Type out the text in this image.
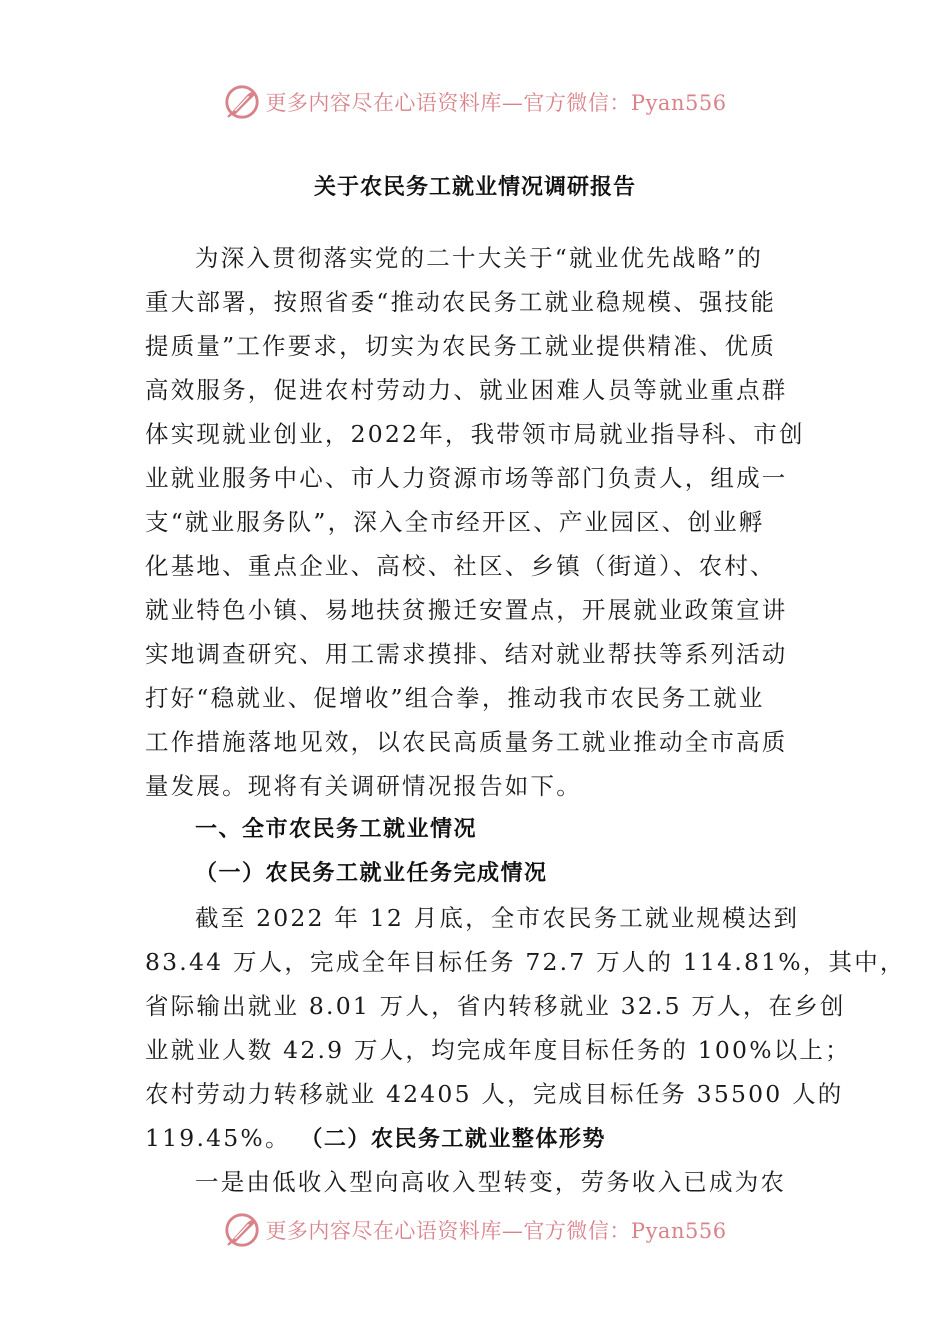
更多内容尽在心语资料库—官方微信：Pyan556
关于农民务工就业情况调研报告
为深入贯彻落实党的二十大关于“就业优先战略”的
重大部署，按照省委“推动农民务工就业稳规模、强技能
提质量”工作要求，切实为农民务工就业提供精准、优质
高效服务，促进农村劳动力、就业困难人员等就业重点群
体实现就业创业，2022年，我带领市局就业指导科、市创
业就业服务中心、市人力资源市场等部门负责人，组成一
支“就业服务队”，深入全市经开区、产业园区、创业孵
化基地、重点企业、高校、社区、乡镇（街道）、农村、
就业特色小镇、易地扶贫搬迁安置点，开展就业政策宣讲
实地调查研究、用工需求摸排、结对就业帮扶等系列活动
打好“稳就业、促增收”组合拳，推动我市农民务工就业
工作措施落地见效，以农民高质量务工就业推动全市高质
量发展。现将有关调研情况报告如下。
一、全市农民务工就业情况
（一）农民务工就业任务完成情况
截至 2022 年 12 月底，全市农民务工就业规模达到
83.44 万人，完成全年目标任务 72.7 万人的 114.81%，其中，
省际输出就业 8.01 万人，省内转移就业 32.5 万人，在乡创
业就业人数 42.9 万人，均完成年度目标任务的 100%以上；
农村劳动力转移就业 42405 人，完成目标任务 35500 人的
119.45%。 （二）农民务工就业整体形势
一是由低收入型向高收入型转变，劳务收入已成为农
更多内容尽在心语资料库—官方微信：Pyan556
